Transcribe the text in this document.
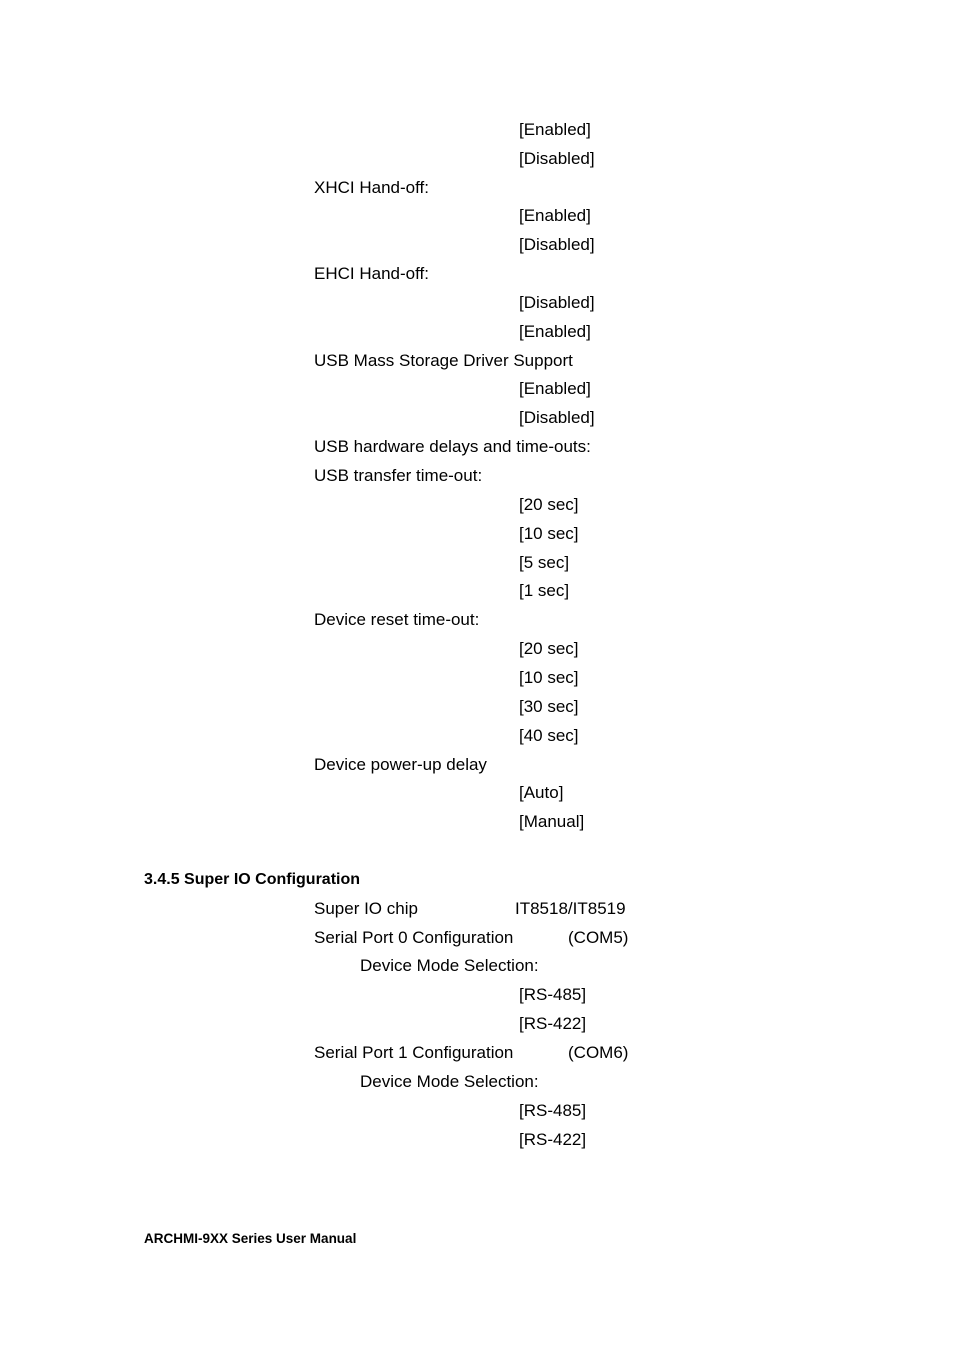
[Enabled]
[Disabled]
XHCI Hand-off:
[Enabled]
[Disabled]
EHCI Hand-off:
[Disabled]
[Enabled]
USB Mass Storage Driver Support
[Enabled]
[Disabled]
USB hardware delays and time-outs:
USB transfer time-out:
[20 sec]
[10 sec]
[5 sec]
[1 sec]
Device reset time-out:
[20 sec]
[10 sec]
[30 sec]
[40 sec]
Device power-up delay
[Auto]
[Manual]
3.4.5 Super IO Configuration
Super IO chip	IT8518/IT8519
Serial Port 0 Configuration	(COM5)
Device Mode Selection:
[RS-485]
[RS-422]
Serial Port 1 Configuration	(COM6)
Device Mode Selection:
[RS-485]
[RS-422]
ARCHMI-9XX Series User Manual
